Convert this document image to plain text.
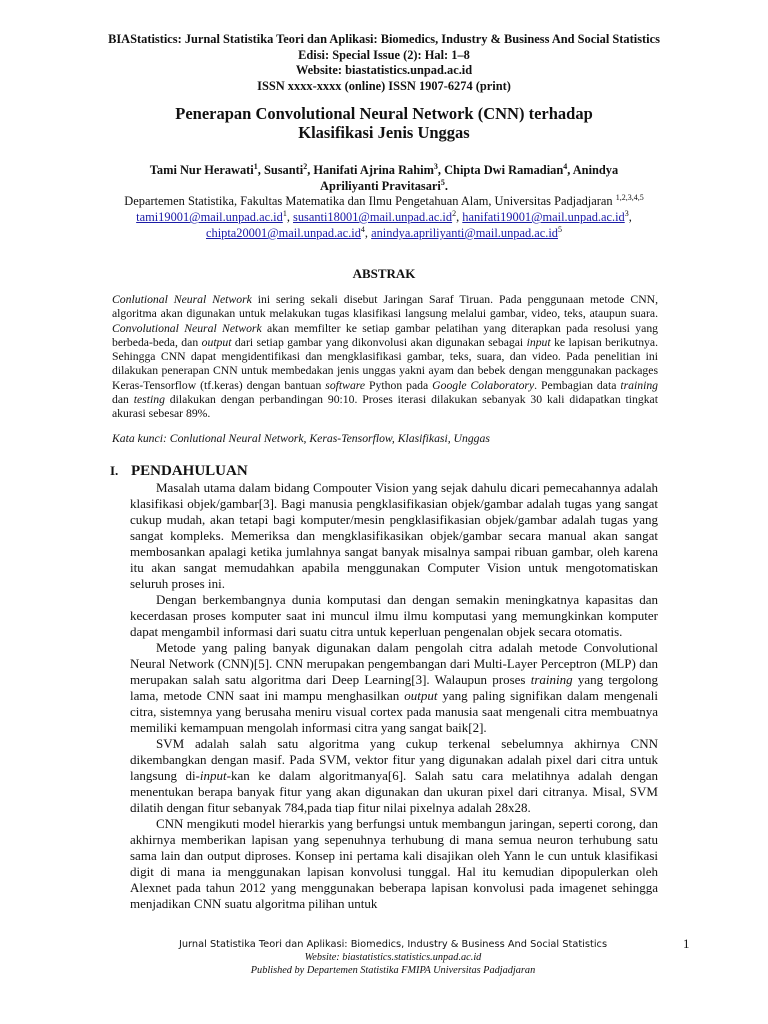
BIAStatistics: Jurnal Statistika Teori dan Aplikasi: Biomedics, Industry & Business And Social Statistics
Edisi: Special Issue (2): Hal: 1–8
Website: biastatistics.unpad.ac.id
ISSN xxxx-xxxx (online) ISSN 1907-6274 (print)
Penerapan Convolutional Neural Network (CNN) terhadap
Klasifikasi Jenis Unggas
Tami Nur Herawati$^1$, Susanti$^2$, Hanifati Ajrina Rahim$^3$, Chipta Dwi Ramadian$^4$, Anindya Apriliyanti Pravitasari$^5$.
Departemen Statistika, Fakultas Matematika dan Ilmu Pengetahuan Alam, Universitas Padjadjaran $^{1,2,3,4,5}$
$tami19001@mail.unpad.ac.id^1$, $susanti18001@mail.unpad.ac.id^2$, $hanifati19001@mail.unpad.ac.id^3$,
$chipta20001@mail.unpad.ac.id^4$, $anindya.apriliyanti@mail.unpad.ac.id^5$
ABSTRAK
Conlutional Neural Network ini sering sekali disebut Jaringan Saraf Tiruan. Pada penggunaan metode CNN, algoritma akan digunakan untuk melakukan tugas klasifikasi langsung melalui gambar, video, teks, ataupun suara. Convolutional Neural Network akan memfilter ke setiap gambar pelatihan yang diterapkan pada resolusi yang berbeda-beda, dan output dari setiap gambar yang dikonvolusi akan digunakan sebagai input ke lapisan berikutnya. Sehingga CNN dapat mengidentifikasi dan mengklasifikasi gambar, teks, suara, dan video. Pada penelitian ini dilakukan penerapan CNN untuk membedakan jenis unggas yakni ayam dan bebek dengan menggunakan packages Keras-Tensorflow (tf.keras) dengan bantuan software Python pada Google Colaboratory. Pembagian data training dan testing dilakukan dengan perbandingan 90:10. Proses iterasi dilakukan sebanyak 30 kali didapatkan tingkat akurasi sebesar 89%.
Kata kunci: Conlutional Neural Network, Keras-Tensorflow, Klasifikasi, Unggas
I. PENDAHULUAN

Masalah utama dalam bidang Compouter Vision yang sejak dahulu dicari pemecahannya adalah klasifikasi objek/gambar[3]. Bagi manusia pengklasifikasian objek/gambar adalah tugas yang sangat cukup mudah, akan tetapi bagi komputer/mesin pengklasifikasian objek/gambar adalah tugas yang sangat kompleks. Memeriksa dan mengklasifikasikan objek/gambar secara manual akan sangat membosankan apalagi ketika jumlahnya sangat banyak misalnya sampai ribuan gambar, oleh karena itu akan sangat memudahkan apabila menggunakan Computer Vision untuk mengotomatiskan seluruh proses ini.

Dengan berkembangnya dunia komputasi dan dengan semakin meningkatnya kapasitas dan kecerdasan proses komputer saat ini muncul ilmu ilmu komputasi yang memungkinkan komputer dapat mengambil informasi dari suatu citra untuk keperluan pengenalan objek secara otomatis.

Metode yang paling banyak digunakan dalam pengolah citra adalah metode Convolutional Neural Network (CNN)[5]. CNN merupakan pengembangan dari Multi-Layer Perceptron (MLP) dan merupakan salah satu algoritma dari Deep Learning[3]. Walaupun proses training yang tergolong lama, metode CNN saat ini mampu menghasilkan output yang paling signifikan dalam mengenali citra, sistemnya yang berusaha meniru visual cortex pada manusia saat mengenali citra membuatnya memiliki kemampuan mengolah informasi citra yang sangat baik[2].

SVM adalah salah satu algoritma yang cukup terkenal sebelumnya akhirnya CNN dikembangkan dengan masif. Pada SVM, vektor fitur yang digunakan adalah pixel dari citra untuk langsung di-input-kan ke dalam algoritmanya[6]. Salah satu cara melatihnya adalah dengan menentukan berapa banyak fitur yang akan digunakan dan ukuran pixel dari citranya. Misal, SVM dilatih dengan fitur sebanyak 784,pada tiap fitur nilai pixelnya adalah 28x28.

CNN mengikuti model hierarkis yang berfungsi untuk membangun jaringan, seperti corong, dan akhirnya memberikan lapisan yang sepenuhnya terhubung di mana semua neuron terhubung satu sama lain dan output diproses. Konsep ini pertama kali disajikan oleh Yann le cun untuk klasifikasi digit di mana ia menggunakan lapisan konvolusi tunggal. Hal itu kemudian dipopulerkan oleh Alexnet pada tahun 2012 yang menggunakan beberapa lapisan konvolusi pada imagenet sehingga menjadikan CNN suatu algoritma pilihan untuk

Jurnal Statistika Teori dan Aplikasi: Biomedics, Industry & Business And Social Statistics
Website: biastatistics.statistics.unpad.ac.id
Published by Departemen Statistika FMIPA Universitas Padjadjaran
1
